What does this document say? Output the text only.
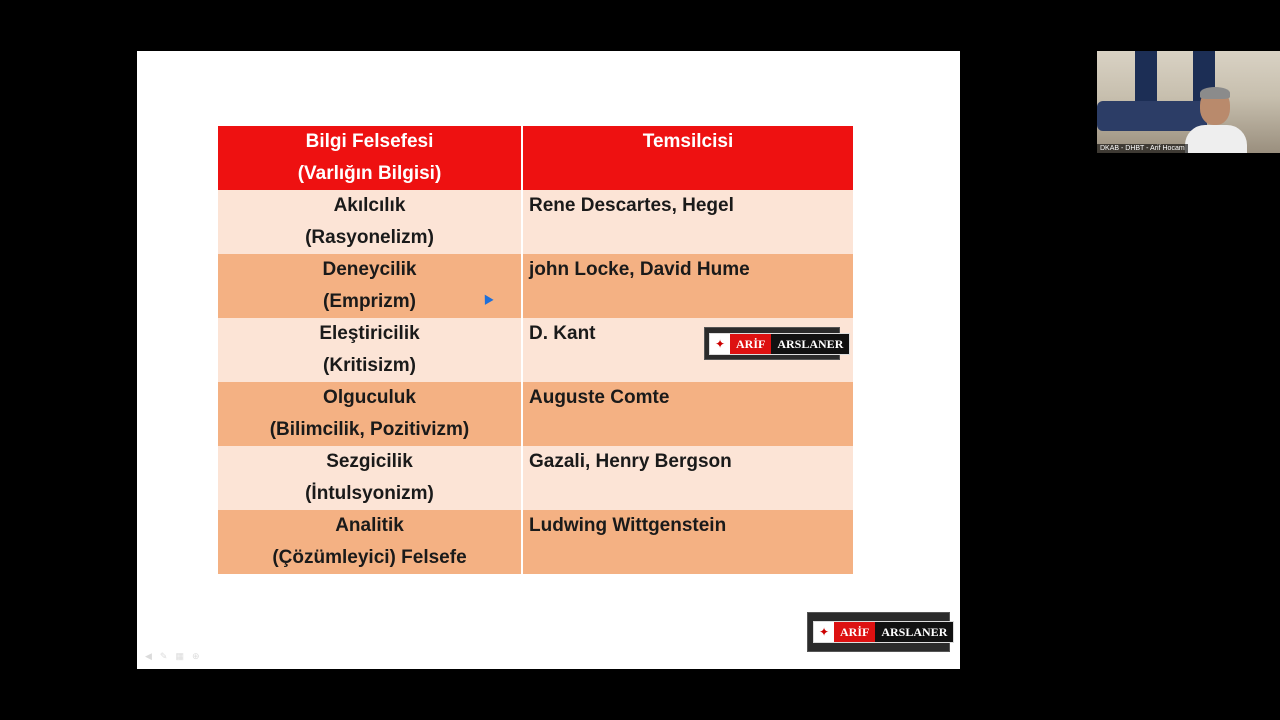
Bilgi Felsefesi
(Varlığın Bilgisi)	Temsilcisi

Akılcılık
(Rasyonelizm)	Rene Descartes, Hegel

Deneycilik
(Emprizm)	john Locke, David Hume

Eleştiricilik
(Kritisizm)	D. Kant

Olguculuk
(Bilimcilik, Pozitivizm)	Auguste Comte

Sezgicilik
(İntulsyonizm)	Gazali, Henry Bergson

Analitik
(Çözümleyici) Felsefe	Ludwing Wittgenstein
✦ ARİF	ARSLANER
✦ ARİF	ARSLANER
◀ ✎ ▦ ⊕
DKAB - DHBT - Arif Hocam
